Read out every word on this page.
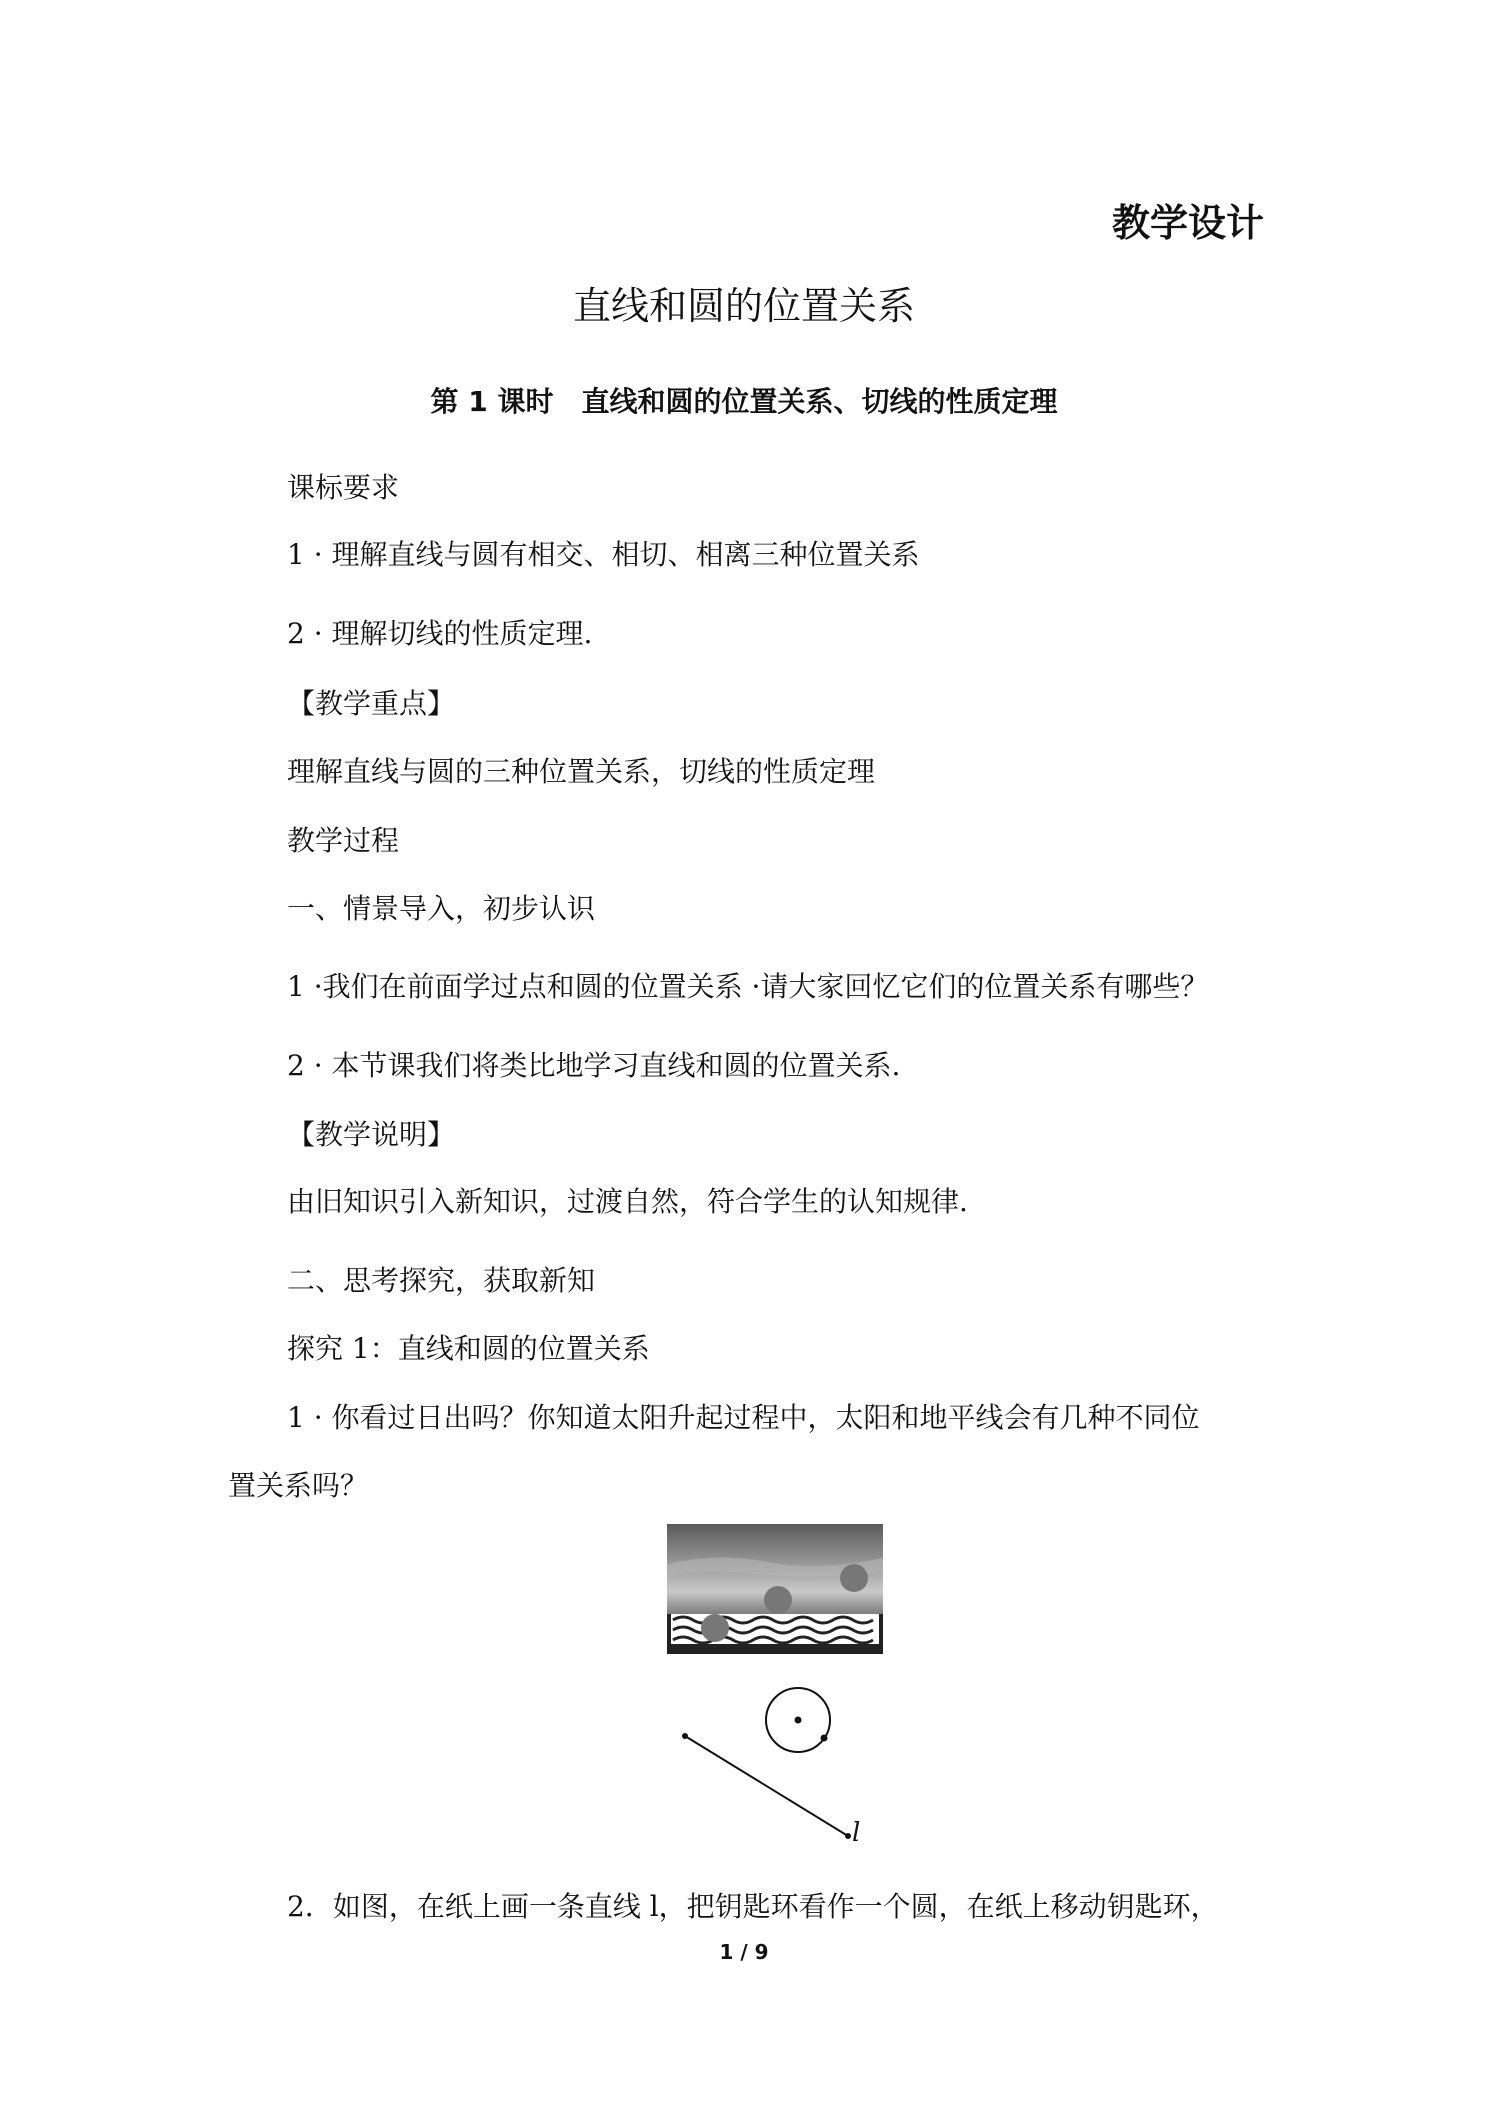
教学设计
直线和圆的位置关系
第 1 课时　直线和圆的位置关系、切线的性质定理
课标要求
1 · 理解直线与圆有相交、相切、相离三种位置关系
2 · 理解切线的性质定理.
【教学重点】
理解直线与圆的三种位置关系，切线的性质定理
教学过程
一、情景导入，初步认识
1 ·我们在前面学过点和圆的位置关系 ·请大家回忆它们的位置关系有哪些？
2 · 本节课我们将类比地学习直线和圆的位置关系.
【教学说明】
由旧知识引入新知识，过渡自然，符合学生的认知规律.
二、思考探究，获取新知
探究 1：直线和圆的位置关系
1 · 你看过日出吗？你知道太阳升起过程中，太阳和地平线会有几种不同位
置关系吗？
l
2．如图，在纸上画一条直线 l，把钥匙环看作一个圆，在纸上移动钥匙环，
1 / 9
